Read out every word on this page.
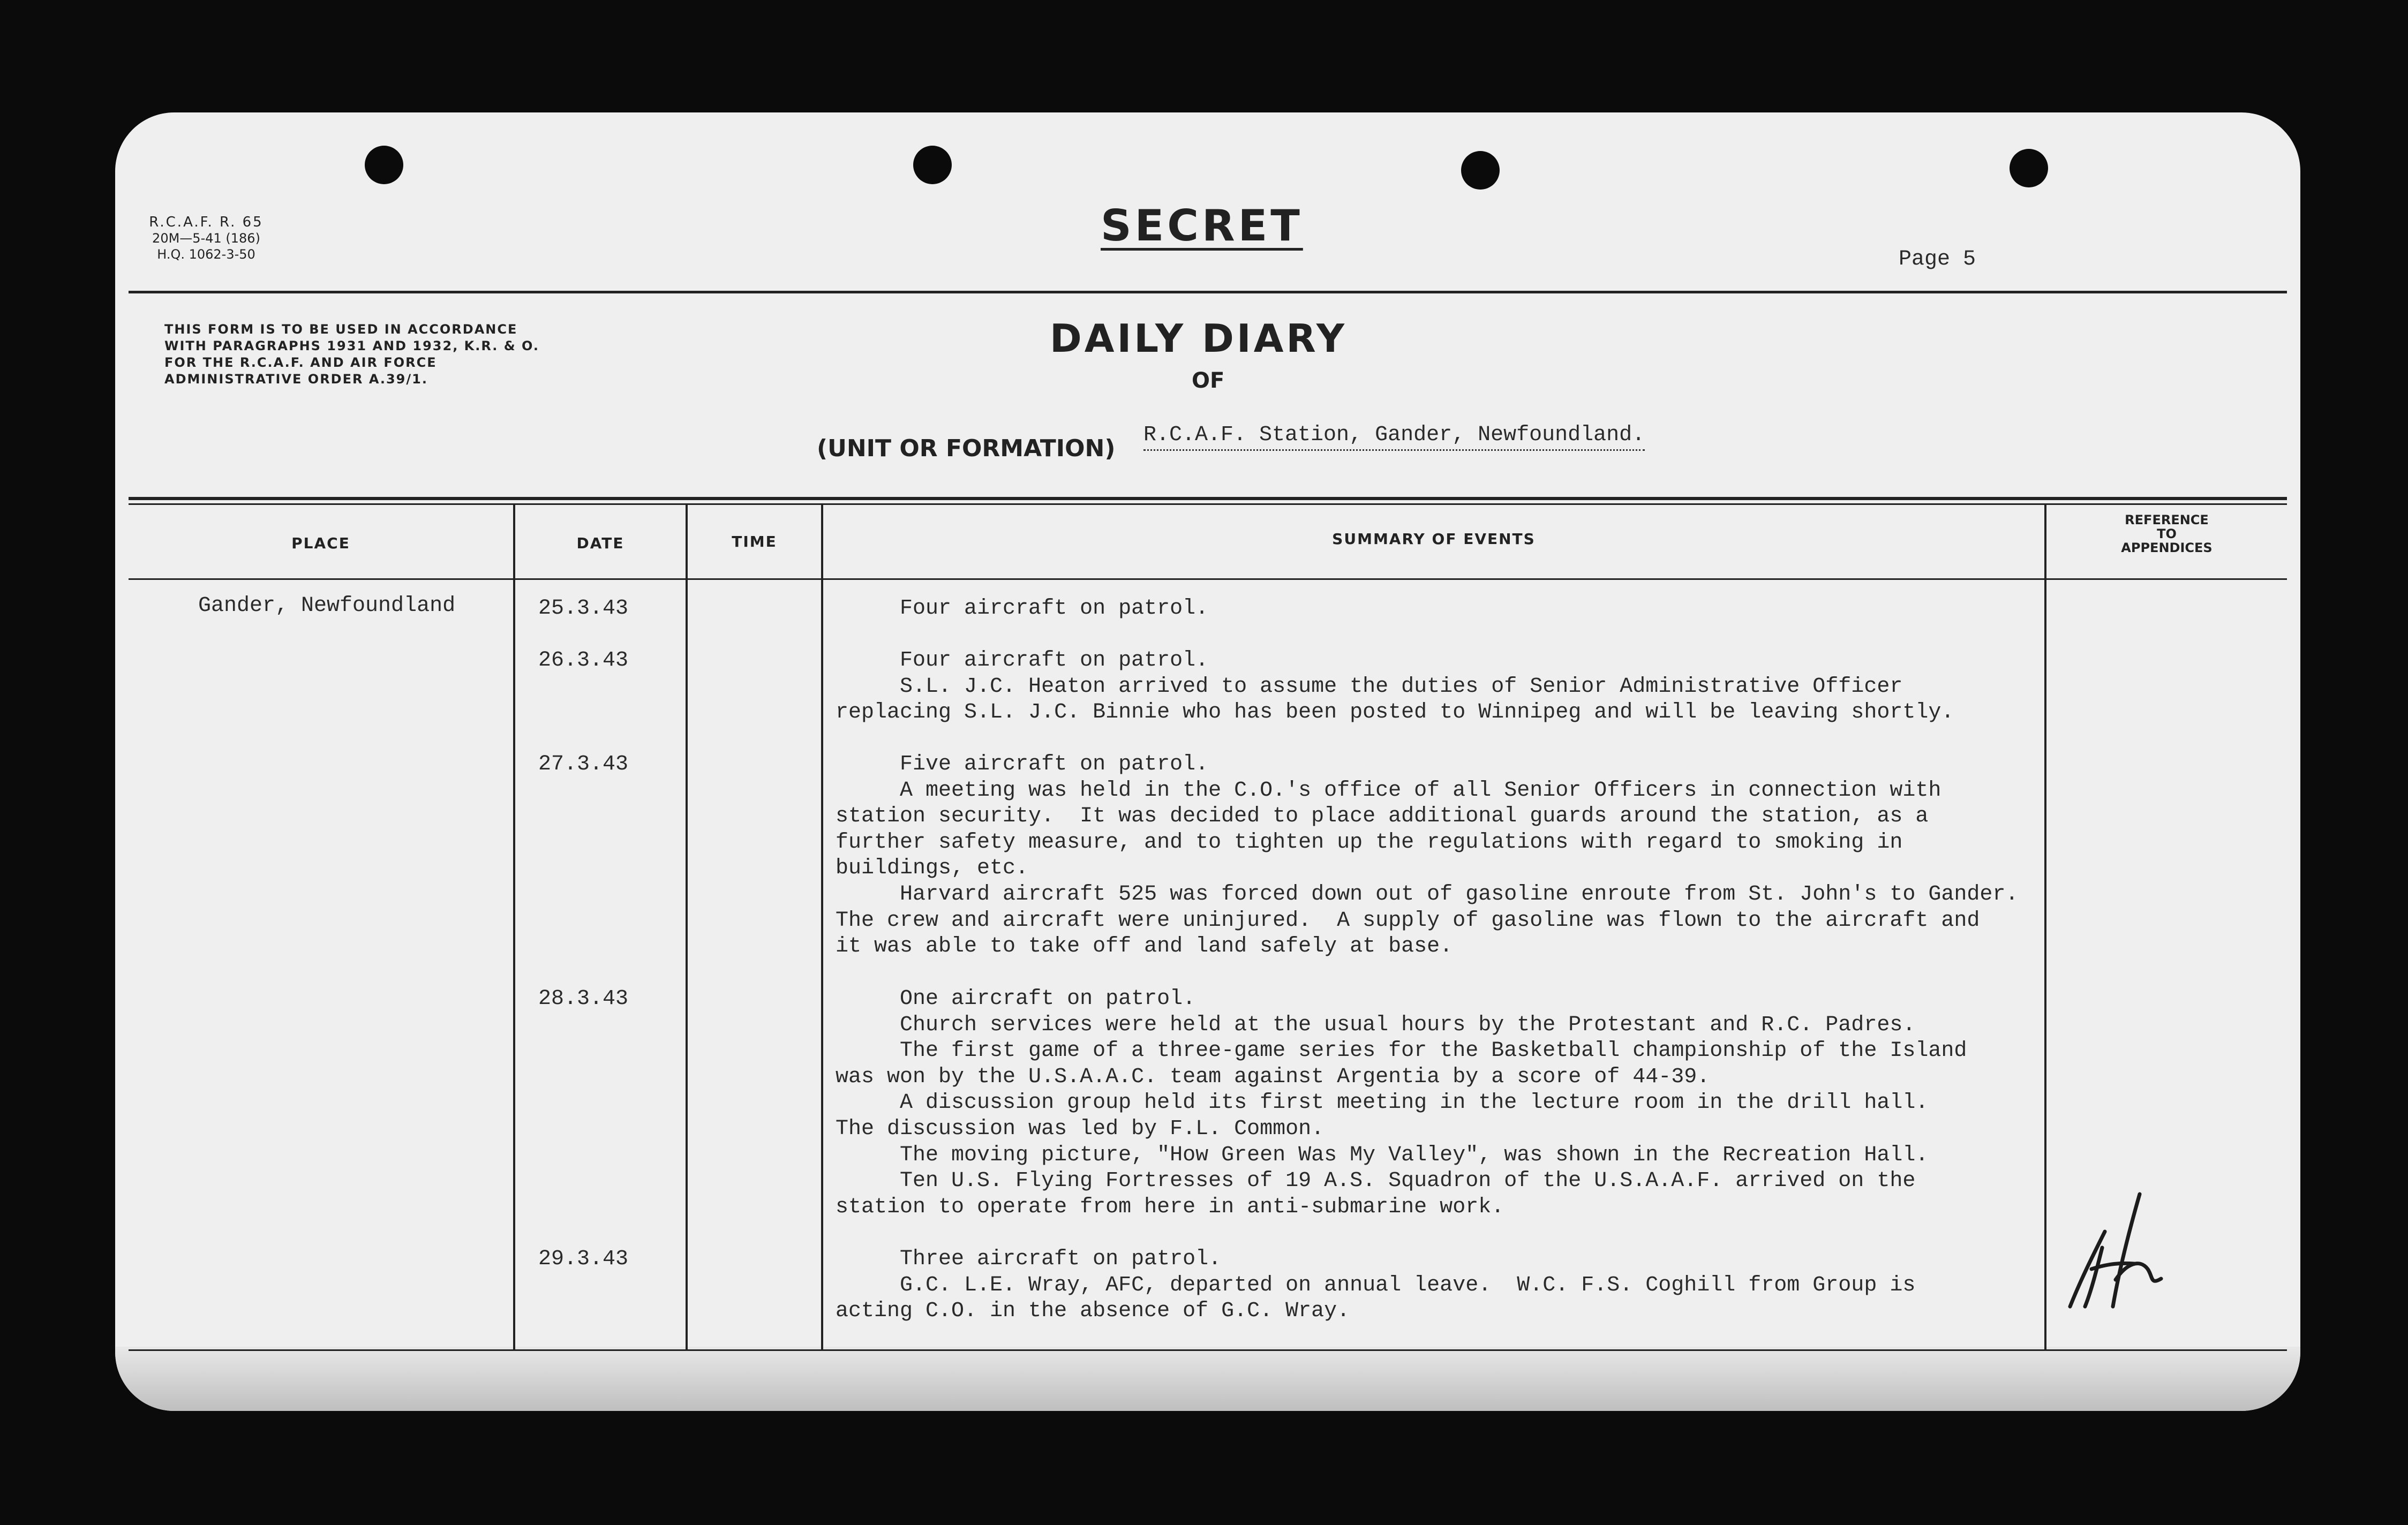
R.C.A.F. R. 65
20M—5-41 (186)
H.Q. 1062-3-50
SECRET
Page 5
THIS FORM IS TO BE USED IN ACCORDANCE WITH PARAGRAPHS 1931 AND 1932, K.R. & O. FOR THE R.C.A.F. AND AIR FORCE ADMINISTRATIVE ORDER A.39/1.
DAILY DIARY
OF
(UNIT OR FORMATION) R.C.A.F. Station, Gander, Newfoundland.
PLACE	DATE	TIME	SUMMARY OF EVENTS
REFERENCE
TO
APPENDICES
Gander, Newfoundland	25.3.43	Four aircraft on patrol.
26.3.43	Four aircraft on patrol.
S.L. J.C. Heaton arrived to assume the duties of Senior Administrative Officer
replacing S.L. J.C. Binnie who has been posted to Winnipeg and will be leaving shortly.
27.3.43	Five aircraft on patrol.
A meeting was held in the C.O.'s office of all Senior Officers in connection with
station security.  It was decided to place additional guards around the station, as a
further safety measure, and to tighten up the regulations with regard to smoking in
buildings, etc.
Harvard aircraft 525 was forced down out of gasoline enroute from St. John's to Gander.
The crew and aircraft were uninjured.  A supply of gasoline was flown to the aircraft and
it was able to take off and land safely at base.
28.3.43	One aircraft on patrol.
Church services were held at the usual hours by the Protestant and R.C. Padres.
The first game of a three-game series for the Basketball championship of the Island
was won by the U.S.A.A.C. team against Argentia by a score of 44-39.
A discussion group held its first meeting in the lecture room in the drill hall.
The discussion was led by F.L. Common.
The moving picture, "How Green Was My Valley", was shown in the Recreation Hall.
Ten U.S. Flying Fortresses of 19 A.S. Squadron of the U.S.A.A.F. arrived on the
station to operate from here in anti-submarine work.
29.3.43	Three aircraft on patrol.
G.C. L.E. Wray, AFC, departed on annual leave.  W.C. F.S. Coghill from Group is
acting C.O. in the absence of G.C. Wray.
